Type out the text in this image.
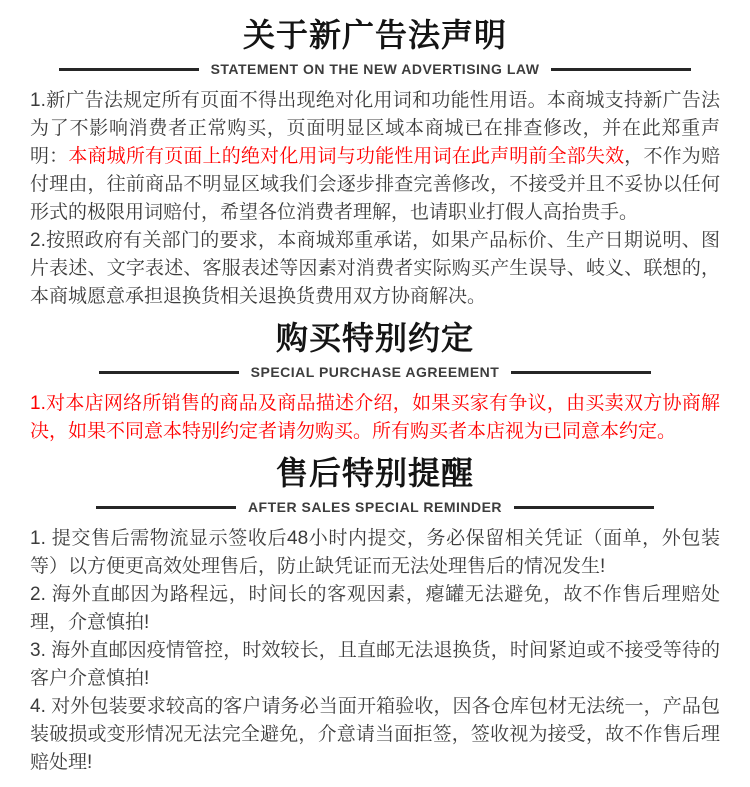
关于新广告法声明
STATEMENT ON THE NEW ADVERTISING LAW

1.新广告法规定所有页面不得出现绝对化用词和功能性用语。本商城支持新广告法为了不影响消费者正常购买，页面明显区域本商城已在排查修改，并在此郑重声明：本商城所有页面上的绝对化用词与功能性用词在此声明前全部失效，不作为赔付理由，往前商品不明显区域我们会逐步排查完善修改，不接受并且不妥协以任何形式的极限用词赔付，希望各位消费者理解，也请职业打假人高抬贵手。

2.按照政府有关部门的要求，本商城郑重承诺，如果产品标价、生产日期说明、图片表述、文字表述、客服表述等因素对消费者实际购买产生误导、岐义、联想的，本商城愿意承担退换货相关退换货费用双方协商解决。

购买特别约定
SPECIAL PURCHASE AGREEMENT

1.对本店网络所销售的商品及商品描述介绍，如果买家有争议，由买卖双方协商解决，如果不同意本特别约定者请勿购买。所有购买者本店视为已同意本约定。

售后特别提醒
AFTER SALES SPECIAL REMINDER

1. 提交售后需物流显示签收后48小时内提交，务必保留相关凭证（面单，外包装等）以方便更高效处理售后，防止缺凭证而无法处理售后的情况发生!

2. 海外直邮因为路程远，时间长的客观因素，瘪罐无法避免，故不作售后理赔处理，介意慎拍!

3. 海外直邮因疫情管控，时效较长，且直邮无法退换货，时间紧迫或不接受等待的客户介意慎拍!

4. 对外包装要求较高的客户请务必当面开箱验收，因各仓库包材无法统一，产品包装破损或变形情况无法完全避免，介意请当面拒签，签收视为接受，故不作售后理赔处理!
